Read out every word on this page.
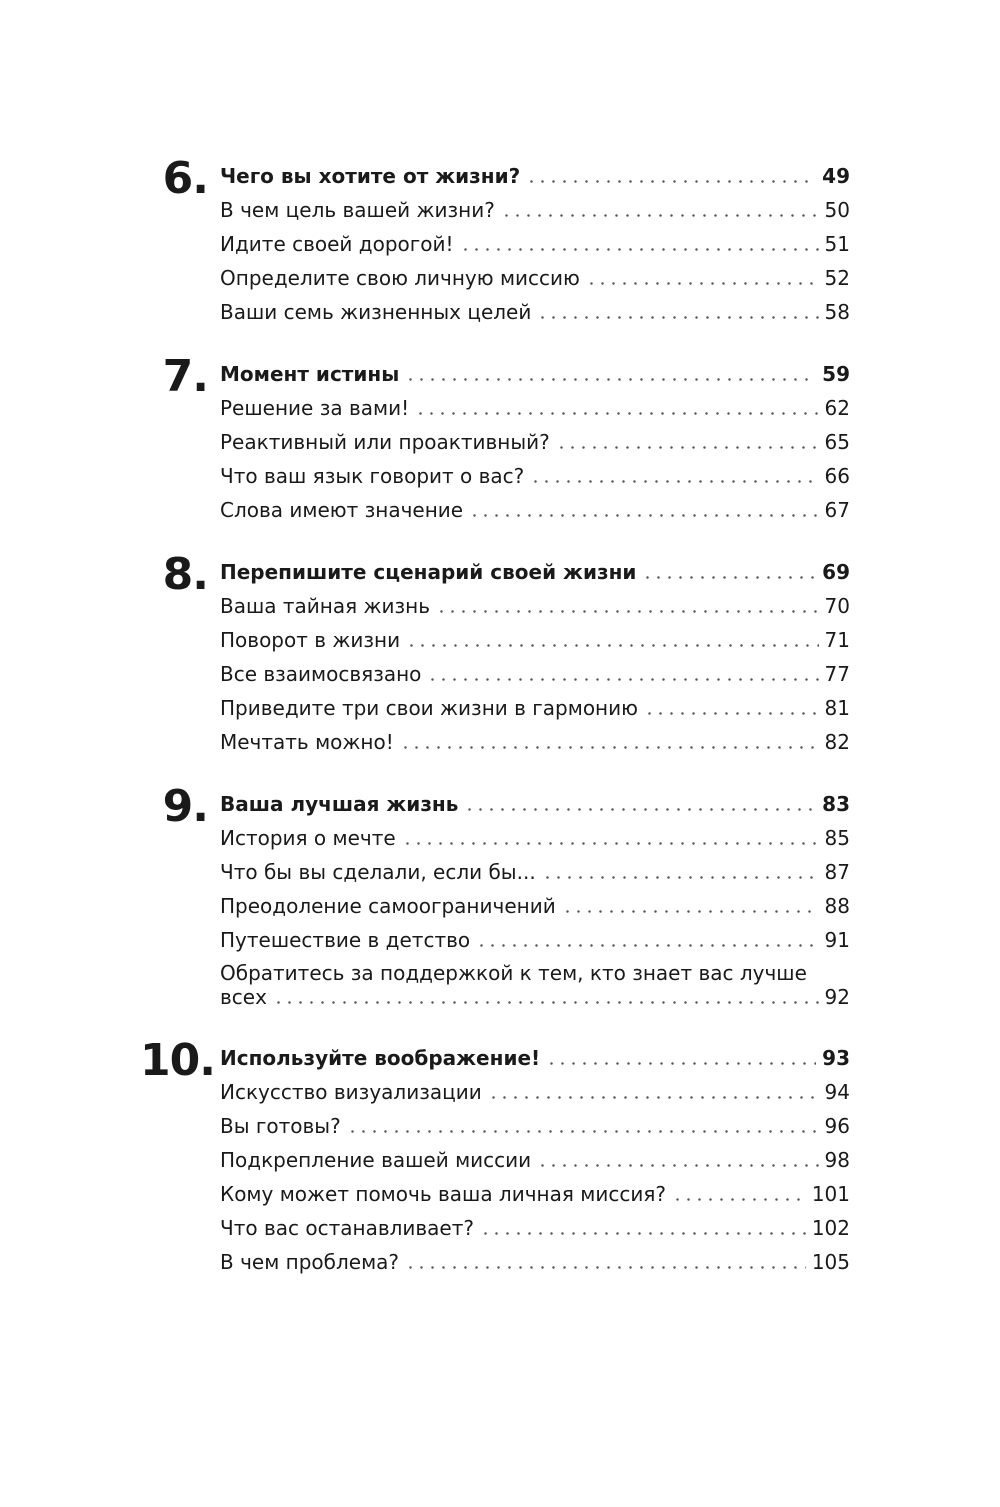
6. Чего вы хотите от жизни?	49
В чем цель вашей жизни?	50
Идите своей дорогой!	51
Определите свою личную миссию	52
Ваши семь жизненных целей	58
7. Момент истины	59
Решение за вами!	62
Реактивный или проактивный?	65
Что ваш язык говорит о вас?	66
Слова имеют значение	67
8. Перепишите сценарий своей жизни	69
Ваша тайная жизнь	70
Поворот в жизни	71
Все взаимосвязано	77
Приведите три свои жизни в гармонию	81
Мечтать можно!	82
9. Ваша лучшая жизнь	83
История о мечте	85
Что бы вы сделали, если бы...	87
Преодоление самоограничений	88
Путешествие в детство	91
Обратитесь за поддержкой к тем, кто знает вас лучше
всех	92
10. Используйте воображение!	93
Искусство визуализации	94
Вы готовы?	96
Подкрепление вашей миссии	98
Кому может помочь ваша личная миссия?	101
Что вас останавливает?	102
В чем проблема?	105
